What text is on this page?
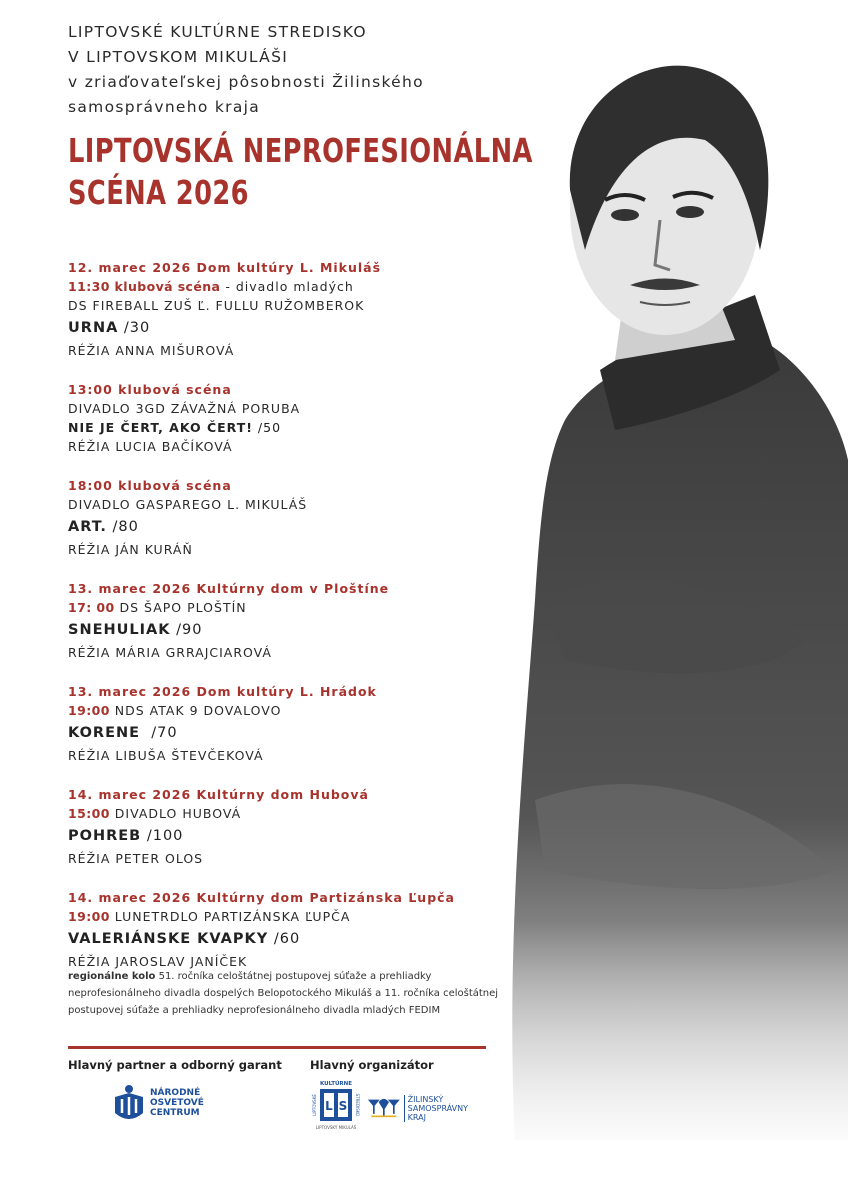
LIPTOVSKÉ KULTÚRNE STREDISKO
V LIPTOVSKOM MIKULÁŠI
v zriaďovateľskej pôsobnosti Žilinského
samosprávneho kraja
LIPTOVSKÁ NEPROFESIONÁLNA
SCÉNA 2026
12. marec 2026 Dom kultúry L. Mikuláš
11:30 klubová scéna - divadlo mladých
DS FIREBALL ZUŠ Ľ. FULLU RUŽOMBEROK
URNA /30
RÉŽIA ANNA MIŠUROVÁ
13:00 klubová scéna
DIVADLO 3GD ZÁVAŽNÁ PORUBA
NIE JE ČERT, AKO ČERT! /50
RÉŽIA LUCIA BAČÍKOVÁ
18:00 klubová scéna
DIVADLO GASPAREGO L. MIKULÁŠ
ART. /80
RÉŽIA JÁN KURÁŇ
13. marec 2026 Kultúrny dom v Ploštíne
17: 00 DS ŠAPO PLOŠTÍN
SNEHULIAK /90
RÉŽIA MÁRIA GRRAJCIAROVÁ
13. marec 2026 Dom kultúry L. Hrádok
19:00 NDS ATAK 9 DOVALOVO
KORENE  /70
RÉŽIA LIBUŠA ŠTEVČEKOVÁ
14. marec 2026 Kultúrny dom Hubová
15:00 DIVADLO HUBOVÁ
POHREB /100
RÉŽIA PETER OLOS
14. marec 2026 Kultúrny dom Partizánska Ľupča
19:00 LUNETRDLO PARTIZÁNSKA ĽUPČA
VALERIÁNSKE KVAPKY /60
RÉŽIA JAROSLAV JANÍČEK
regionálne kolo 51. ročníka celoštátnej postupovej súťaže a prehliadky neprofesionálneho divadla dospelých Belopotockého Mikuláš a 11. ročníka celoštátnej postupovej súťaže a prehliadky neprofesionálneho divadla mladých FEDIM
Hlavný partner a odborný garant Hlavný organizátor
NÁRODNÉ
OSVETOVÉ
CENTRUM
KULTÚRNE
L S
LIPTOVSKÉ	STREDISKO
LIPTOVSKÝ MIKULÁŠ
ŽILINSKÝ
SAMOSPRÁVNY
KRAJ
